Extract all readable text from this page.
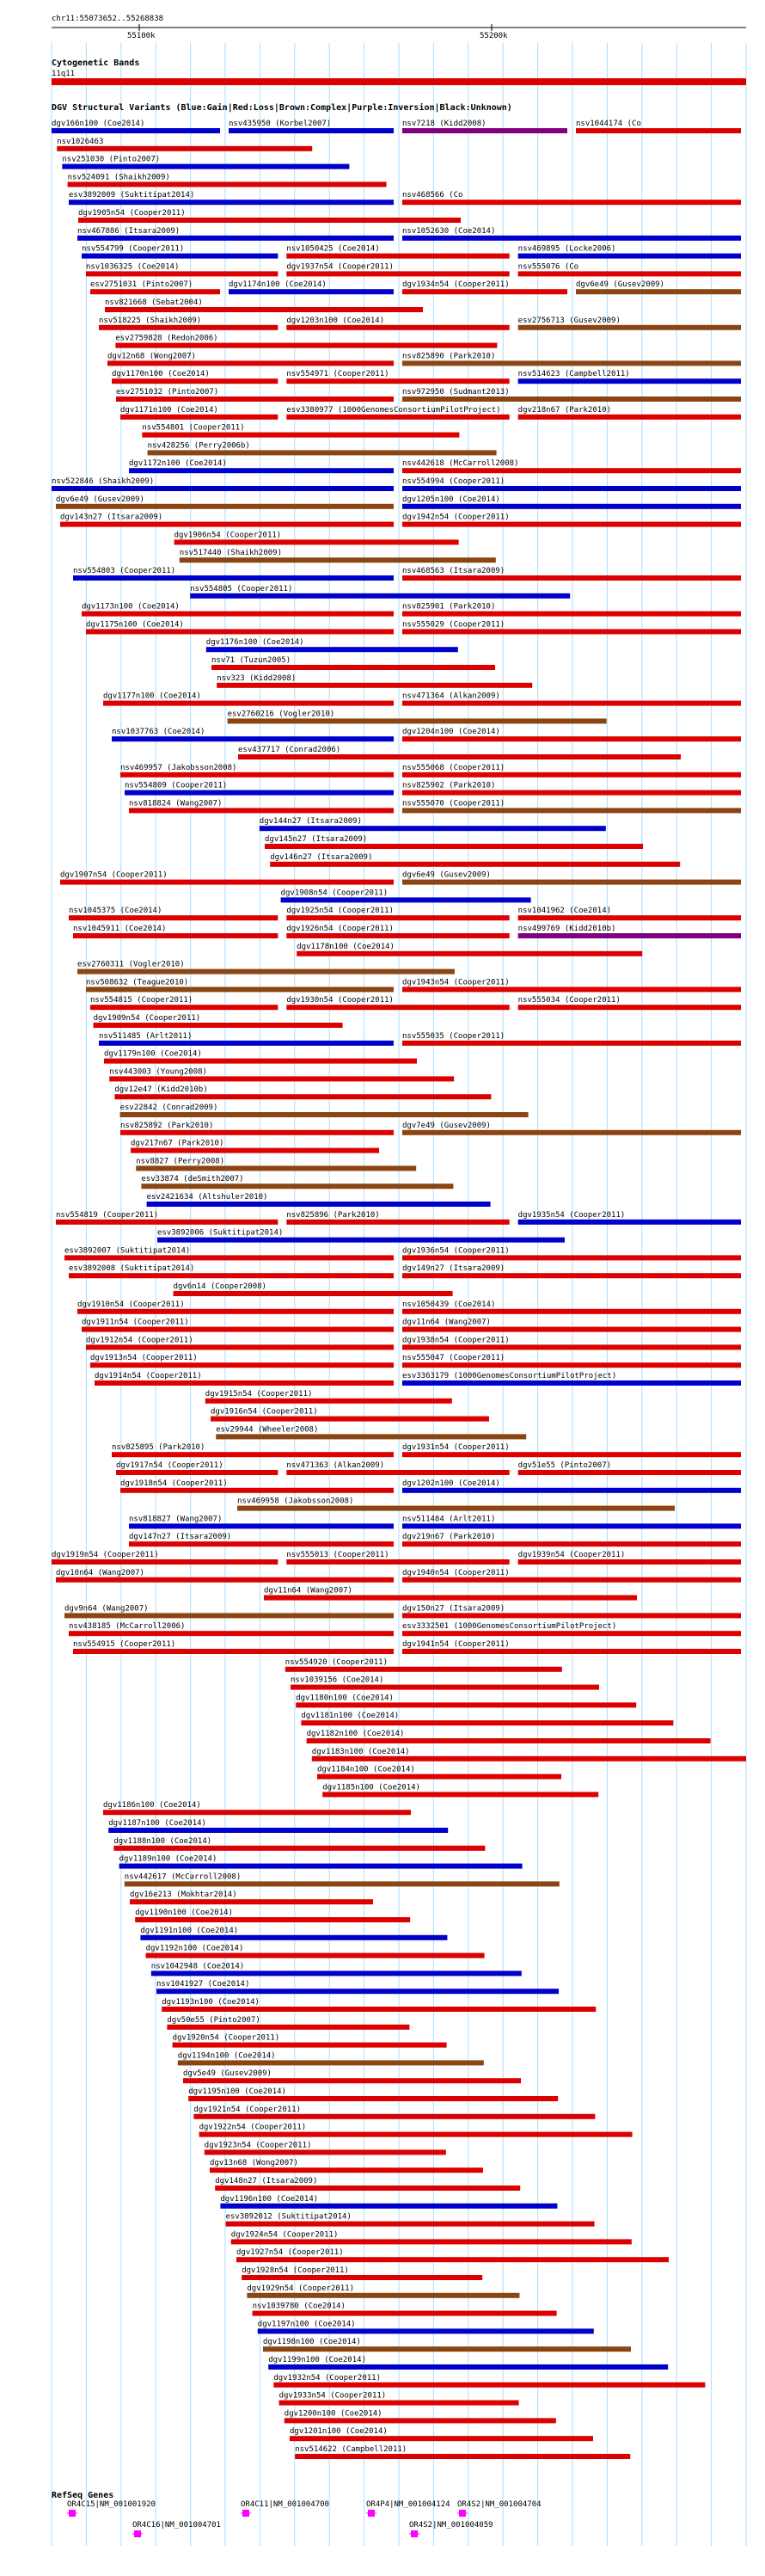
chr11:55073652..55268838
55100k	55200k
Cytogenetic Bands
11q11
DGV Structural Variants (Blue:Gain|Red:Loss|Brown:Complex|Purple:Inversion|Black:Unknown)
dgv166n100 (Coe2014)	nsv435950 (Korbel2007)	nsv7218 (Kidd2008)	nsv1044174 (Co
nsv1026463
nsv251030 (Pinto2007)
nsv524091 (Shaikh2009)
esv3892009 (Suktitipat2014)	nsv468566 (Co
dgv1905n54 (Cooper2011)
nsv467886 (Itsara2009)	nsv1052630 (Coe2014)
nsv554799 (Cooper2011)	nsv1050425 (Coe2014)	nsv469895 (Locke2006)
nsv1036325 (Coe2014)	dgv1937n54 (Cooper2011)	nsv555076 (Co
esv2751031 (Pinto2007)	dgv1174n100 (Coe2014)	dgv1934n54 (Cooper2011)	dgv6e49 (Gusev2009)
nsv821668 (Sebat2004)
nsv518225 (Shaikh2009)	dgv1203n100 (Coe2014)	esv2756713 (Gusev2009)
esv2759828 (Redon2006)
dgv12n68 (Wong2007)	nsv825890 (Park2010)
dgv1170n100 (Coe2014)	nsv554971 (Cooper2011)	nsv514623 (Campbell2011)
esv2751032 (Pinto2007)	nsv972950 (Sudmant2013)
dgv1171n100 (Coe2014)	esv3380977 (1000GenomesConsortiumPilotProject) dgv218n67 (Park2010)
nsv554801 (Cooper2011)
nsv428256 (Perry2006b)
dgv1172n100 (Coe2014)	nsv442618 (McCarroll2008)
nsv522846 (Shaikh2009)	nsv554994 (Cooper2011)
dgv6e49 (Gusev2009)	dgv1205n100 (Coe2014)
dgv143n27 (Itsara2009)	dgv1942n54 (Cooper2011)
dgv1906n54 (Cooper2011)
nsv517440 (Shaikh2009)
nsv554803 (Cooper2011)	nsv468563 (Itsara2009)
nsv554805 (Cooper2011)
dgv1173n100 (Coe2014)	nsv825901 (Park2010)
dgv1175n100 (Coe2014)	nsv555029 (Cooper2011)
dgv1176n100 (Coe2014)
nsv71 (Tuzun2005)
nsv323 (Kidd2008)
dgv1177n100 (Coe2014)	nsv471364 (Alkan2009)
esv2760216 (Vogler2010)
nsv1037763 (Coe2014)	dgv1204n100 (Coe2014)
esv437717 (Conrad2006)
nsv469957 (Jakobsson2008)	nsv555068 (Cooper2011)
nsv554809 (Cooper2011)	nsv825902 (Park2010)
nsv818824 (Wang2007)	nsv555070 (Cooper2011)
dgv144n27 (Itsara2009)
dgv145n27 (Itsara2009)
dgv146n27 (Itsara2009)
dgv1907n54 (Cooper2011)	dgv6e49 (Gusev2009)
dgv1908n54 (Cooper2011)
nsv1045375 (Coe2014)	dgv1925n54 (Cooper2011)	nsv1041962 (Coe2014)
nsv1045911 (Coe2014)	dgv1926n54 (Cooper2011)	nsv499769 (Kidd2010b)
dgv1178n100 (Coe2014)
esv2760311 (Vogler2010)
nsv508632 (Teague2010)	dgv1943n54 (Cooper2011)
nsv554815 (Cooper2011)	dgv1930n54 (Cooper2011)	nsv555034 (Cooper2011)
dgv1909n54 (Cooper2011)
nsv511485 (Arlt2011)	nsv555035 (Cooper2011)
dgv1179n100 (Coe2014)
nsv443003 (Young2008)
dgv12e47 (Kidd2010b)
esv22842 (Conrad2009)
nsv825892 (Park2010)	dgv7e49 (Gusev2009)
dgv217n67 (Park2010)
nsv8827 (Perry2008)
esv33874 (deSmith2007)
esv2421634 (Altshuler2010)
nsv554819 (Cooper2011)	nsv825896 (Park2010)	dgv1935n54 (Cooper2011)
esv3892006 (Suktitipat2014)
esv3892007 (Suktitipat2014)	dgv1936n54 (Cooper2011)
esv3892008 (Suktitipat2014)	dgv149n27 (Itsara2009)
dgv6n14 (Cooper2008)
dgv1910n54 (Cooper2011)	nsv1050439 (Coe2014)
dgv1911n54 (Cooper2011)	dgv11n64 (Wang2007)
dgv1912n54 (Cooper2011)	dgv1938n54 (Cooper2011)
dgv1913n54 (Cooper2011)	nsv555047 (Cooper2011)
dgv1914n54 (Cooper2011)	esv3363179 (1000GenomesConsortiumPilotProject)
dgv1915n54 (Cooper2011)
dgv1916n54 (Cooper2011)
esv29944 (Wheeler2008)
nsv825895 (Park2010)	dgv1931n54 (Cooper2011)
dgv1917n54 (Cooper2011)	nsv471363 (Alkan2009)	dgv51e55 (Pinto2007)
dgv1918n54 (Cooper2011)	dgv1202n100 (Coe2014)
nsv469958 (Jakobsson2008)
nsv818827 (Wang2007)	nsv511484 (Arlt2011)
dgv147n27 (Itsara2009)	dgv219n67 (Park2010)
dgv1919n54 (Cooper2011)	nsv555013 (Cooper2011)	dgv1939n54 (Cooper2011)
dgv10n64 (Wang2007)	dgv1940n54 (Cooper2011)
dgv11n64 (Wang2007)
dgv9n64 (Wang2007)	dgv150n27 (Itsara2009)
nsv438185 (McCarroll2006)	esv3332501 (1000GenomesConsortiumPilotProject)
nsv554915 (Cooper2011)	dgv1941n54 (Cooper2011)
nsv554920 (Cooper2011)
nsv1039156 (Coe2014)
dgv1180n100 (Coe2014)
dgv1181n100 (Coe2014)
dgv1182n100 (Coe2014)
dgv1183n100 (Coe2014)
dgv1184n100 (Coe2014)
dgv1185n100 (Coe2014)
dgv1186n100 (Coe2014)
dgv1187n100 (Coe2014)
dgv1188n100 (Coe2014)
dgv1189n100 (Coe2014)
nsv442617 (McCarroll2008)
dgv16e213 (Mokhtar2014)
dgv1190n100 (Coe2014)
dgv1191n100 (Coe2014)
dgv1192n100 (Coe2014)
nsv1042948 (Coe2014)
nsv1041927 (Coe2014)
dgv1193n100 (Coe2014)
dgv50e55 (Pinto2007)
dgv1920n54 (Cooper2011)
dgv1194n100 (Coe2014)
dgv5e49 (Gusev2009)
dgv1195n100 (Coe2014)
dgv1921n54 (Cooper2011)
dgv1922n54 (Cooper2011)
dgv1923n54 (Cooper2011)
dgv13n68 (Wong2007)
dgv148n27 (Itsara2009)
dgv1196n100 (Coe2014)
esv3892012 (Suktitipat2014)
dgv1924n54 (Cooper2011)
dgv1927n54 (Cooper2011)
dgv1928n54 (Cooper2011)
dgv1929n54 (Cooper2011)
nsv1039780 (Coe2014)
dgv1197n100 (Coe2014)
dgv1198n100 (Coe2014)
dgv1199n100 (Coe2014)
dgv1932n54 (Cooper2011)
dgv1933n54 (Cooper2011)
dgv1200n100 (Coe2014)
dgv1201n100 (Coe2014)
nsv514622 (Campbell2011)
RefSeq Genes
OR4C15|NM_001001920	OR4C11|NM_001004700	OR4P4|NM_001004124 OR4S2|NM_001004704
OR4C16|NM_001004701	OR4S2|NM_001004059
